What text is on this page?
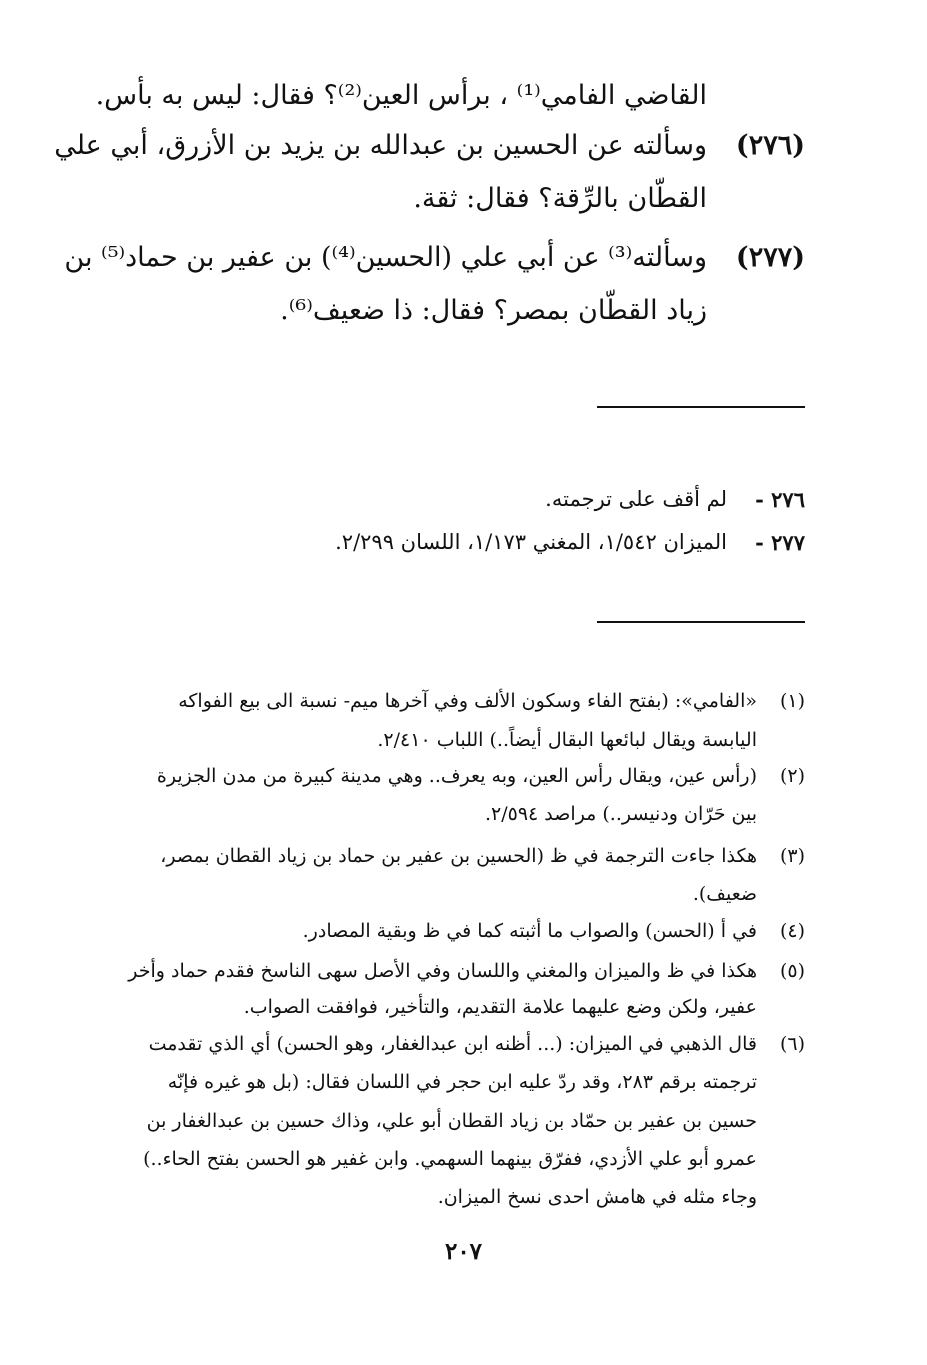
القاضي الفامي⁽¹⁾ ، برأس العين⁽²⁾؟ فقال: ليس به بأس.
(٢٧٦)
وسألته عن الحسين بن عبدالله بن يزيد بن الأزرق، أبي علي
القطّان بالرِّقة؟ فقال: ثقة.
(٢٧٧)
وسألته⁽³⁾ عن أبي علي (الحسين⁽⁴⁾) بن عفير بن حماد⁽⁵⁾ بن
زياد القطّان بمصر؟ فقال: ذا ضعيف⁽⁶⁾.
٢٧٦ -
لم أقف على ترجمته.
٢٧٧ -
الميزان ١/٥٤٢، المغني ١/١٧٣، اللسان ٢/٢٩٩.
(١)
«الفامي»: (بفتح الفاء وسكون الألف وفي آخرها ميم- نسبة الى بيع الفواكه
اليابسة ويقال لبائعها البقال أيضاً..) اللباب ٢/٤١٠.
(٢)
(رأس عين، ويقال رأس العين، وبه يعرف.. وهي مدينة كبيرة من مدن الجزيرة
بين حَرّان ودنيسر..) مراصد ٢/٥٩٤.
(٣)
هكذا جاءت الترجمة في ظ (الحسين بن عفير بن حماد بن زياد القطان بمصر،
ضعيف).
(٤)
في أ (الحسن) والصواب ما أثبته كما في ظ وبقية المصادر.
(٥)
هكذا في ظ والميزان والمغني واللسان وفي الأصل سهى الناسخ فقدم حماد وأخر
عفير، ولكن وضع عليهما علامة التقديم، والتأخير، فوافقت الصواب.
(٦)
قال الذهبي في الميزان: (... أظنه ابن عبدالغفار، وهو الحسن) أي الذي تقدمت
ترجمته برقم ٢٨٣، وقد ردّ عليه ابن حجر في اللسان فقال: (بل هو غيره فإنّه
حسين بن عفير بن حمّاد بن زياد القطان أبو علي، وذاك حسين بن عبدالغفار بن
عمرو أبو علي الأزدي، ففرّق بينهما السهمي. وابن غفير هو الحسن بفتح الحاء..)
وجاء مثله في هامش احدى نسخ الميزان.
٢٠٧
